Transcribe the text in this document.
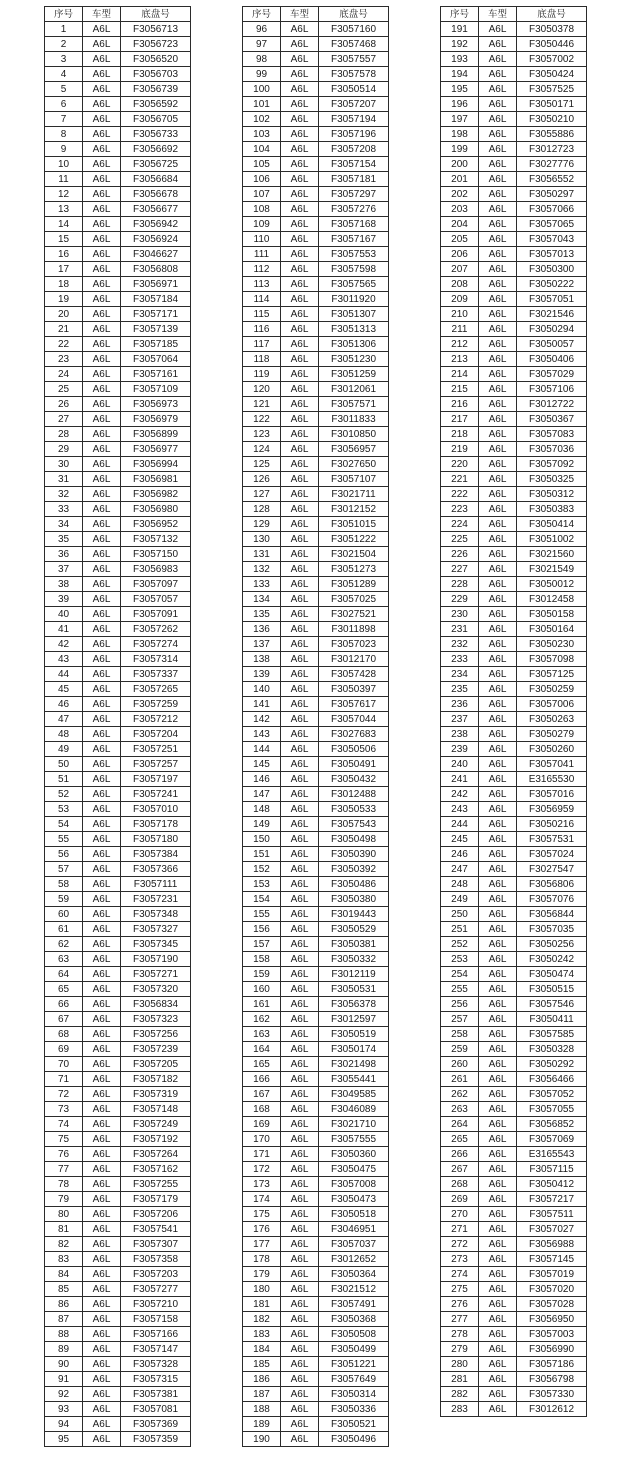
序号	车型	底盘号
1	A6L	F3056713
2	A6L	F3056723
3	A6L	F3056520
4	A6L	F3056703
5	A6L	F3056739
6	A6L	F3056592
7	A6L	F3056705
8	A6L	F3056733
9	A6L	F3056692
10	A6L	F3056725
11	A6L	F3056684
12	A6L	F3056678
13	A6L	F3056677
14	A6L	F3056942
15	A6L	F3056924
16	A6L	F3046627
17	A6L	F3056808
18	A6L	F3056971
19	A6L	F3057184
20	A6L	F3057171
21	A6L	F3057139
22	A6L	F3057185
23	A6L	F3057064
24	A6L	F3057161
25	A6L	F3057109
26	A6L	F3056973
27	A6L	F3056979
28	A6L	F3056899
29	A6L	F3056977
30	A6L	F3056994
31	A6L	F3056981
32	A6L	F3056982
33	A6L	F3056980
34	A6L	F3056952
35	A6L	F3057132
36	A6L	F3057150
37	A6L	F3056983
38	A6L	F3057097
39	A6L	F3057057
40	A6L	F3057091
41	A6L	F3057262
42	A6L	F3057274
43	A6L	F3057314
44	A6L	F3057337
45	A6L	F3057265
46	A6L	F3057259
47	A6L	F3057212
48	A6L	F3057204
49	A6L	F3057251
50	A6L	F3057257
51	A6L	F3057197
52	A6L	F3057241
53	A6L	F3057010
54	A6L	F3057178
55	A6L	F3057180
56	A6L	F3057384
57	A6L	F3057366
58	A6L	F3057111
59	A6L	F3057231
60	A6L	F3057348
61	A6L	F3057327
62	A6L	F3057345
63	A6L	F3057190
64	A6L	F3057271
65	A6L	F3057320
66	A6L	F3056834
67	A6L	F3057323
68	A6L	F3057256
69	A6L	F3057239
70	A6L	F3057205
71	A6L	F3057182
72	A6L	F3057319
73	A6L	F3057148
74	A6L	F3057249
75	A6L	F3057192
76	A6L	F3057264
77	A6L	F3057162
78	A6L	F3057255
79	A6L	F3057179
80	A6L	F3057206
81	A6L	F3057541
82	A6L	F3057307
83	A6L	F3057358
84	A6L	F3057203
85	A6L	F3057277
86	A6L	F3057210
87	A6L	F3057158
88	A6L	F3057166
89	A6L	F3057147
90	A6L	F3057328
91	A6L	F3057315
92	A6L	F3057381
93	A6L	F3057081
94	A6L	F3057369
95	A6L	F3057359
序号	车型	底盘号
96	A6L	F3057160
97	A6L	F3057468
98	A6L	F3057557
99	A6L	F3057578
100	A6L	F3050514
101	A6L	F3057207
102	A6L	F3057194
103	A6L	F3057196
104	A6L	F3057208
105	A6L	F3057154
106	A6L	F3057181
107	A6L	F3057297
108	A6L	F3057276
109	A6L	F3057168
110	A6L	F3057167
111	A6L	F3057553
112	A6L	F3057598
113	A6L	F3057565
114	A6L	F3011920
115	A6L	F3051307
116	A6L	F3051313
117	A6L	F3051306
118	A6L	F3051230
119	A6L	F3051259
120	A6L	F3012061
121	A6L	F3057571
122	A6L	F3011833
123	A6L	F3010850
124	A6L	F3056957
125	A6L	F3027650
126	A6L	F3057107
127	A6L	F3021711
128	A6L	F3012152
129	A6L	F3051015
130	A6L	F3051222
131	A6L	F3021504
132	A6L	F3051273
133	A6L	F3051289
134	A6L	F3057025
135	A6L	F3027521
136	A6L	F3011898
137	A6L	F3057023
138	A6L	F3012170
139	A6L	F3057428
140	A6L	F3050397
141	A6L	F3057617
142	A6L	F3057044
143	A6L	F3027683
144	A6L	F3050506
145	A6L	F3050491
146	A6L	F3050432
147	A6L	F3012488
148	A6L	F3050533
149	A6L	F3057543
150	A6L	F3050498
151	A6L	F3050390
152	A6L	F3050392
153	A6L	F3050486
154	A6L	F3050380
155	A6L	F3019443
156	A6L	F3050529
157	A6L	F3050381
158	A6L	F3050332
159	A6L	F3012119
160	A6L	F3050531
161	A6L	F3056378
162	A6L	F3012597
163	A6L	F3050519
164	A6L	F3050174
165	A6L	F3021498
166	A6L	F3055441
167	A6L	F3049585
168	A6L	F3046089
169	A6L	F3021710
170	A6L	F3057555
171	A6L	F3050360
172	A6L	F3050475
173	A6L	F3057008
174	A6L	F3050473
175	A6L	F3050518
176	A6L	F3046951
177	A6L	F3057037
178	A6L	F3012652
179	A6L	F3050364
180	A6L	F3021512
181	A6L	F3057491
182	A6L	F3050368
183	A6L	F3050508
184	A6L	F3050499
185	A6L	F3051221
186	A6L	F3057649
187	A6L	F3050314
188	A6L	F3050336
189	A6L	F3050521
190	A6L	F3050496
序号	车型	底盘号
191	A6L	F3050378
192	A6L	F3050446
193	A6L	F3057002
194	A6L	F3050424
195	A6L	F3057525
196	A6L	F3050171
197	A6L	F3050210
198	A6L	F3055886
199	A6L	F3012723
200	A6L	F3027776
201	A6L	F3056552
202	A6L	F3050297
203	A6L	F3057066
204	A6L	F3057065
205	A6L	F3057043
206	A6L	F3057013
207	A6L	F3050300
208	A6L	F3050222
209	A6L	F3057051
210	A6L	F3021546
211	A6L	F3050294
212	A6L	F3050057
213	A6L	F3050406
214	A6L	F3057029
215	A6L	F3057106
216	A6L	F3012722
217	A6L	F3050367
218	A6L	F3057083
219	A6L	F3057036
220	A6L	F3057092
221	A6L	F3050325
222	A6L	F3050312
223	A6L	F3050383
224	A6L	F3050414
225	A6L	F3051002
226	A6L	F3021560
227	A6L	F3021549
228	A6L	F3050012
229	A6L	F3012458
230	A6L	F3050158
231	A6L	F3050164
232	A6L	F3050230
233	A6L	F3057098
234	A6L	F3057125
235	A6L	F3050259
236	A6L	F3057006
237	A6L	F3050263
238	A6L	F3050279
239	A6L	F3050260
240	A6L	F3057041
241	A6L	E3165530
242	A6L	F3057016
243	A6L	F3056959
244	A6L	F3050216
245	A6L	F3057531
246	A6L	F3057024
247	A6L	F3027547
248	A6L	F3056806
249	A6L	F3057076
250	A6L	F3056844
251	A6L	F3057035
252	A6L	F3050256
253	A6L	F3050242
254	A6L	F3050474
255	A6L	F3050515
256	A6L	F3057546
257	A6L	F3050411
258	A6L	F3057585
259	A6L	F3050328
260	A6L	F3050292
261	A6L	F3056466
262	A6L	F3057052
263	A6L	F3057055
264	A6L	F3056852
265	A6L	F3057069
266	A6L	E3165543
267	A6L	F3057115
268	A6L	F3050412
269	A6L	F3057217
270	A6L	F3057511
271	A6L	F3057027
272	A6L	F3056988
273	A6L	F3057145
274	A6L	F3057019
275	A6L	F3057020
276	A6L	F3057028
277	A6L	F3056950
278	A6L	F3057003
279	A6L	F3056990
280	A6L	F3057186
281	A6L	F3056798
282	A6L	F3057330
283	A6L	F3012612
